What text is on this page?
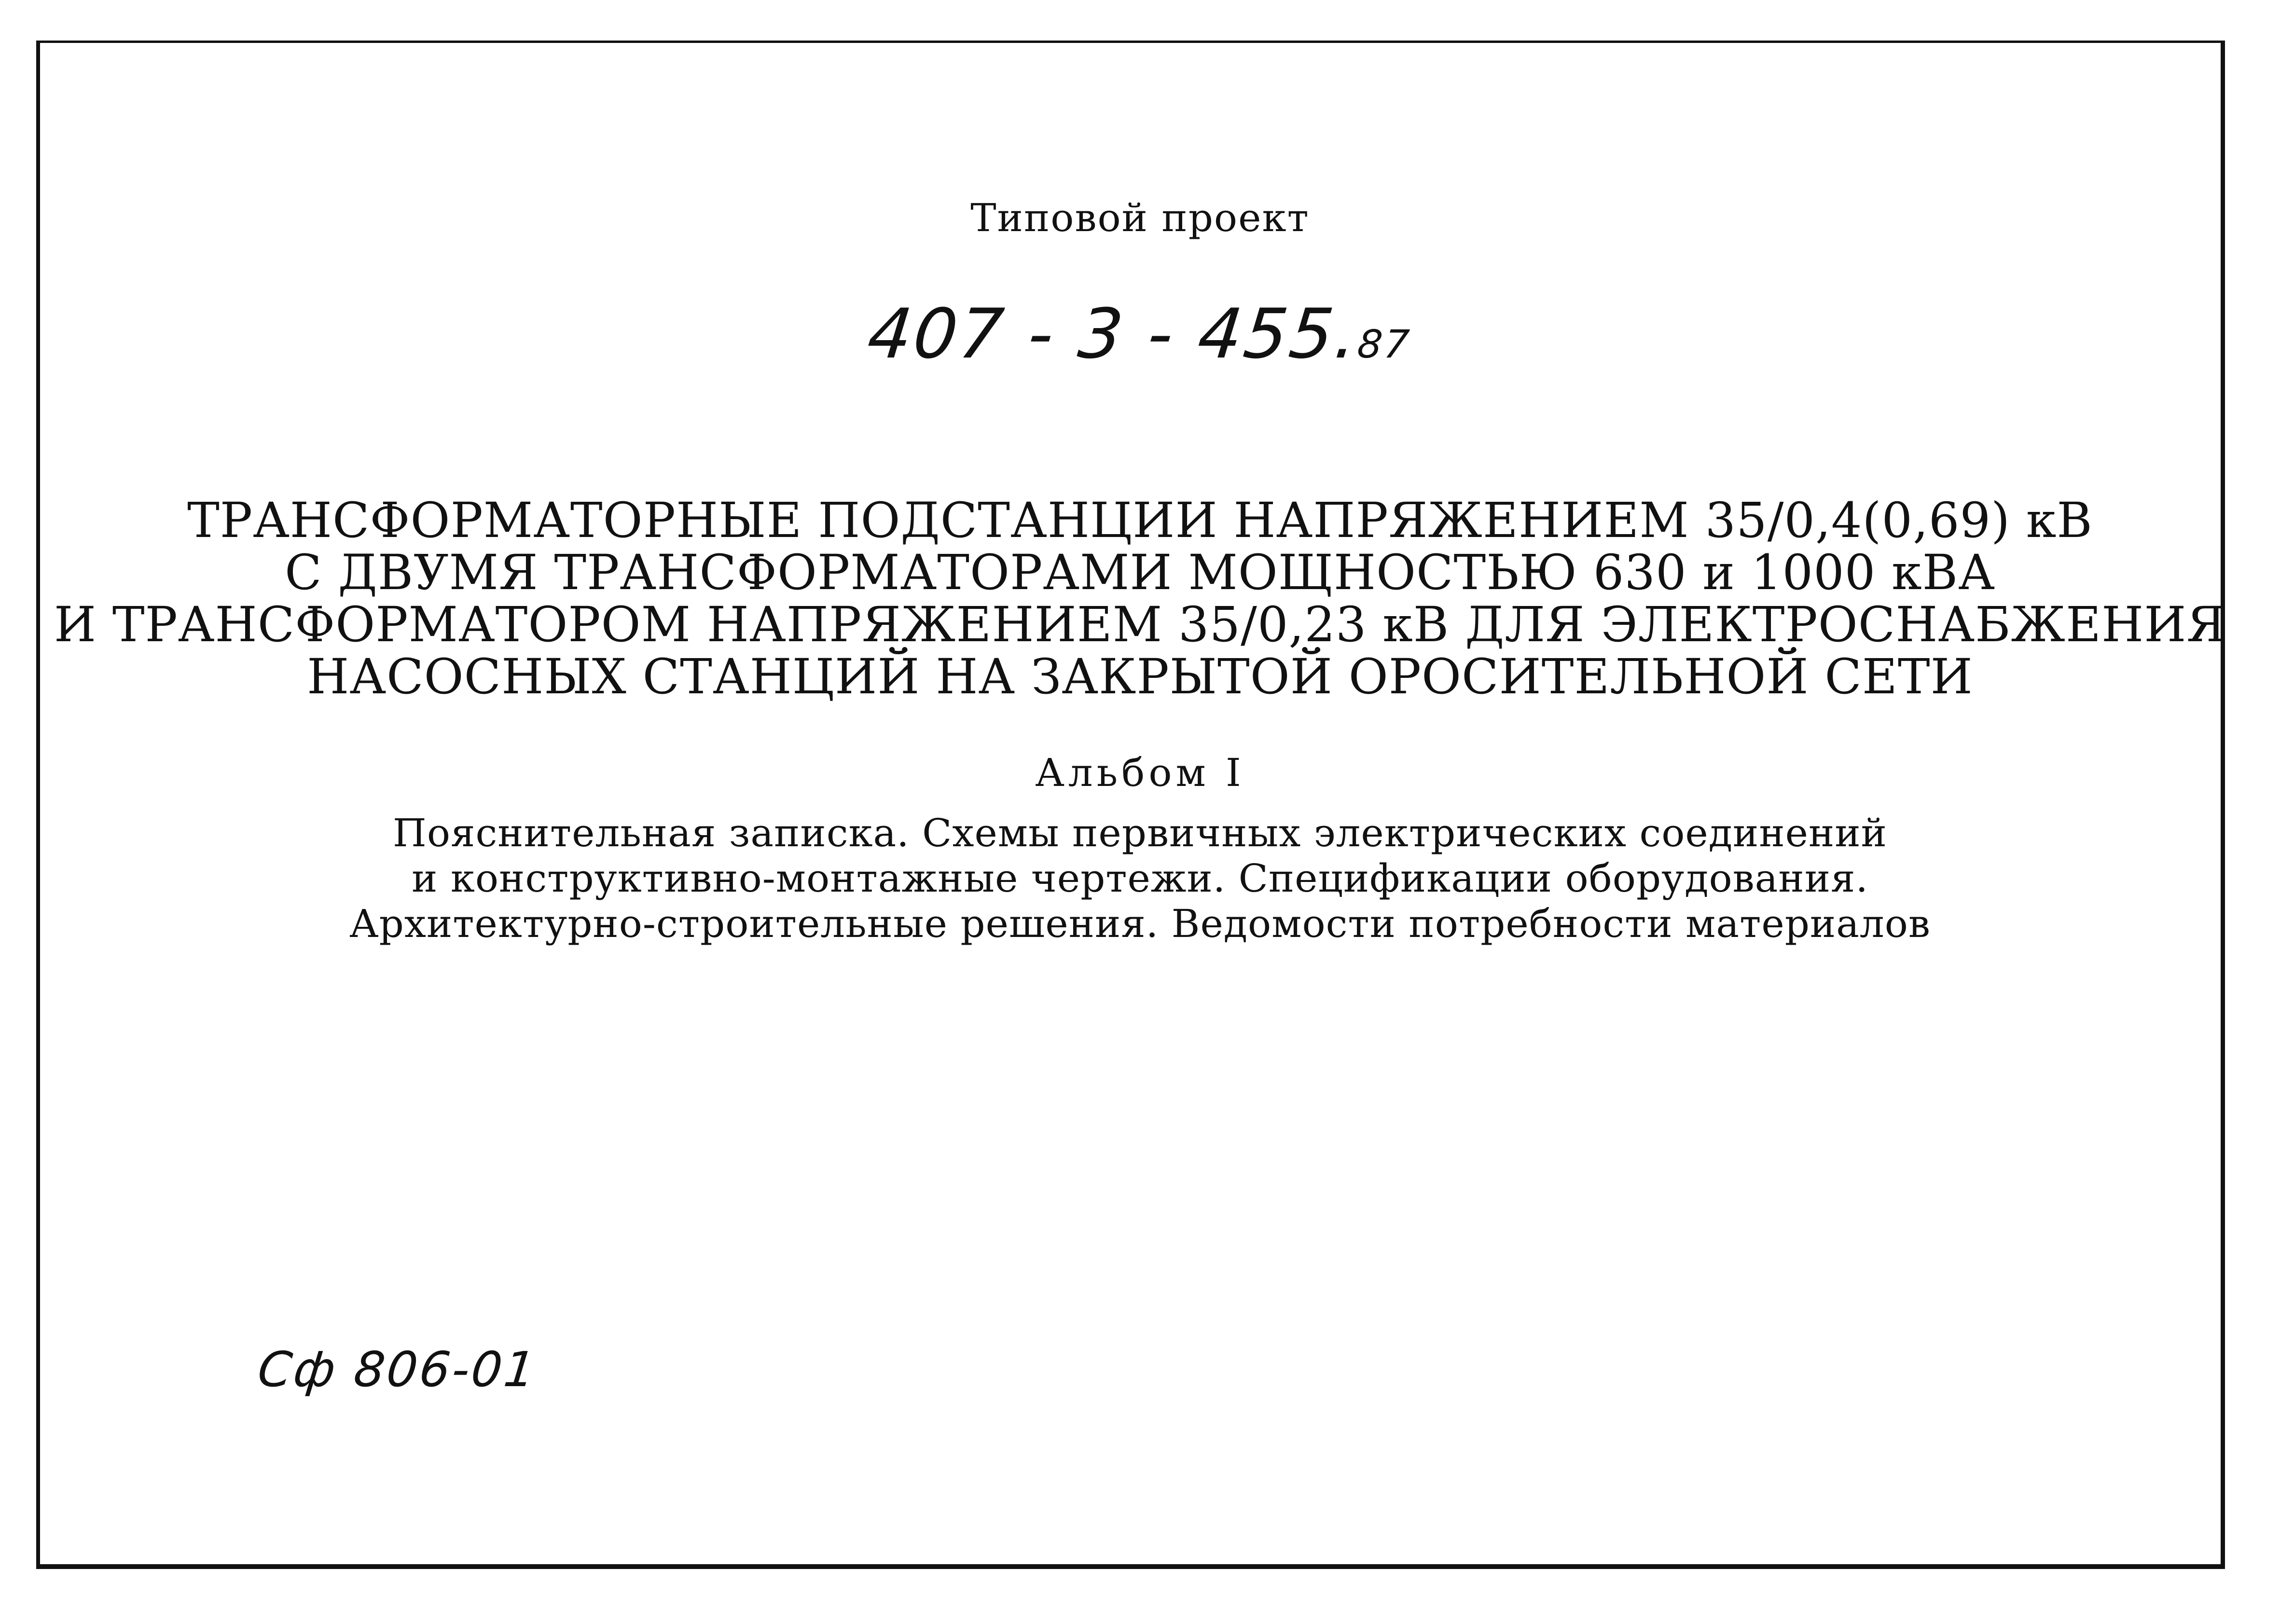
Типовой проект
407 - 3 - 455.87
ТРАНСФОРМАТОРНЫЕ ПОДСТАНЦИИ НАПРЯЖЕНИЕМ 35/0,4(0,69) кВ
С ДВУМЯ ТРАНСФОРМАТОРАМИ МОЩНОСТЬЮ 630 и 1000 кВА
И ТРАНСФОРМАТОРОМ НАПРЯЖЕНИЕМ 35/0,23 кВ ДЛЯ ЭЛЕКТРОСНАБЖЕНИЯ
НАСОСНЫХ СТАНЦИЙ НА ЗАКРЫТОЙ ОРОСИТЕЛЬНОЙ СЕТИ
Альбом I
Пояснительная записка. Схемы первичных электрических соединений
и конструктивно-монтажные чертежи. Спецификации оборудования.
Архитектурно-строительные решения. Ведомости потребности материалов
Сф 806-01
